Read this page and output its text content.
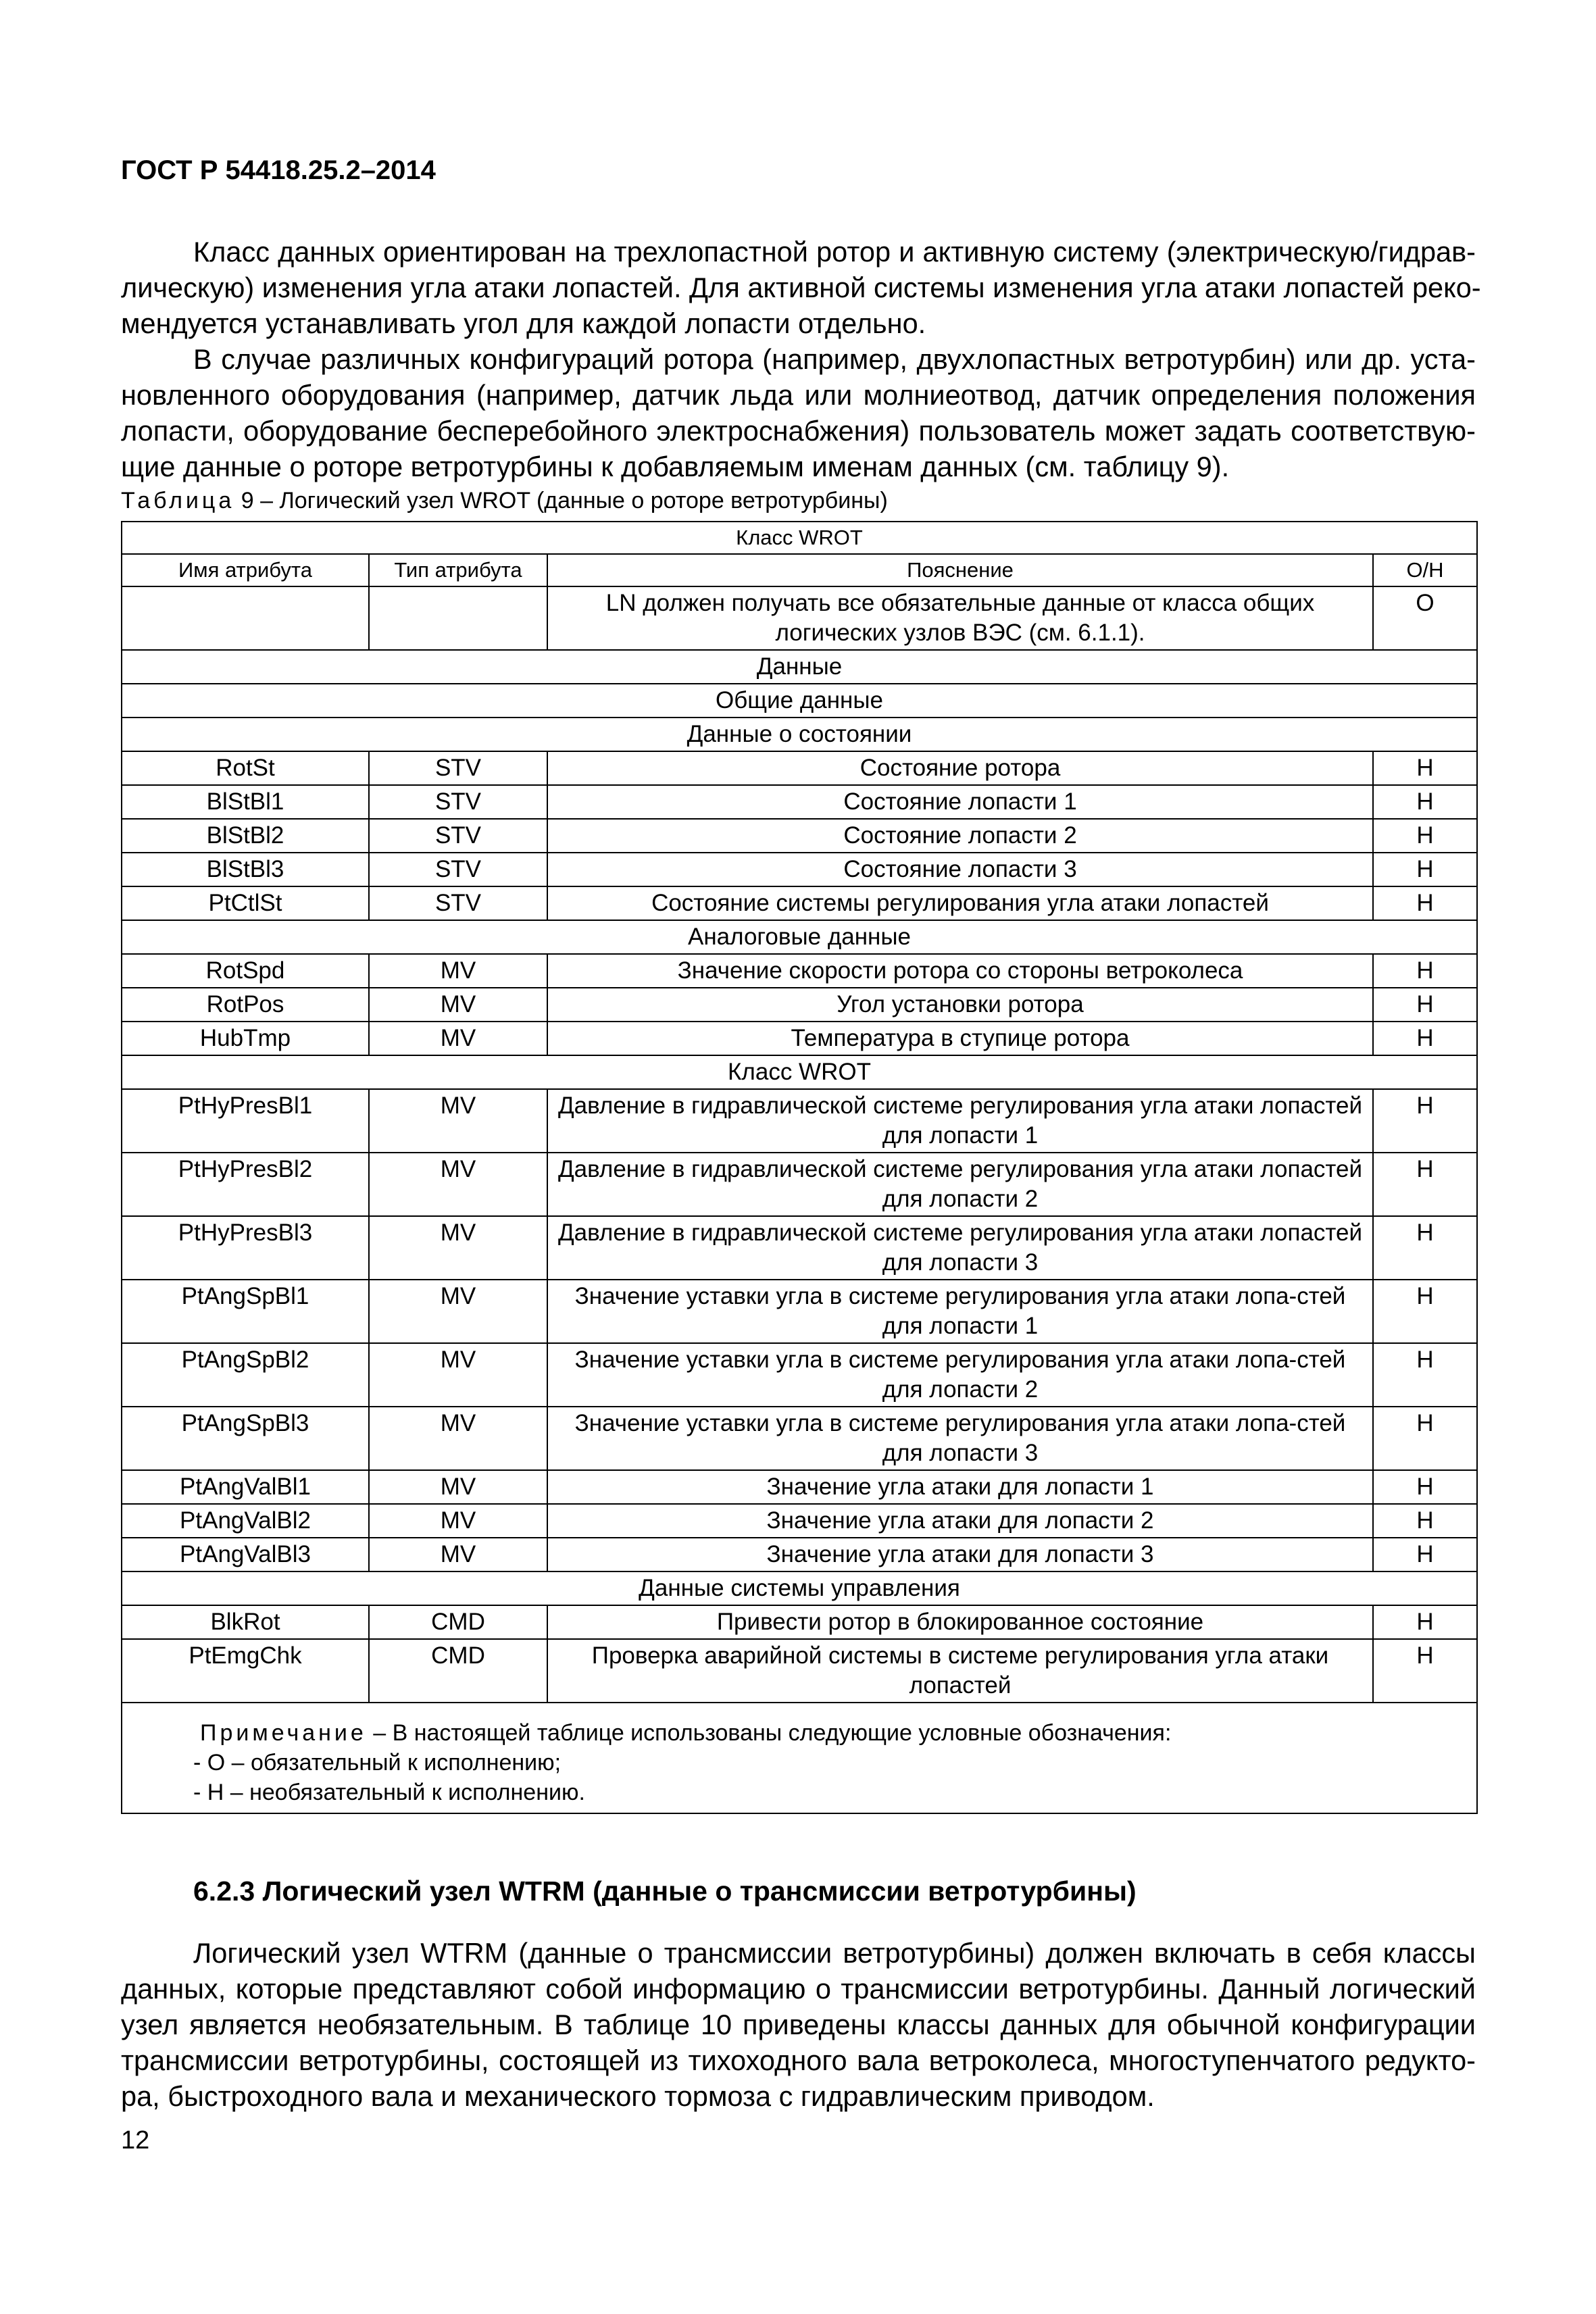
ГОСТ Р 54418.25.2–2014
Класс данных ориентирован на трехлопастной ротор и активную систему (электрическую/гидрав-
лическую) изменения угла атаки лопастей. Для активной системы изменения угла атаки лопастей реко-
мендуется устанавливать угол для каждой лопасти отдельно.
В случае различных конфигураций ротора (например, двухлопастных ветротурбин) или др. уста-
новленного оборудования (например, датчик льда или молниеотвод, датчик определения положения
лопасти, оборудование бесперебойного электроснабжения) пользователь может задать соответствую-
щие данные о роторе ветротурбины к добавляемым именам данных (см. таблицу 9).
Таблица 9 – Логический узел WROT (данные о роторе ветротурбины)
Класс WROT			
Имя атрибута	Тип атрибута	Пояснение	О/Н
		LN должен получать все обязательные данные от класса общих логических узлов ВЭС (см. 6.1.1).	О
Данные			
Общие данные			
Данные о состоянии			
RotSt	STV	Состояние ротора	Н
BlStBl1	STV	Состояние лопасти 1	Н
BlStBl2	STV	Состояние лопасти 2	Н
BlStBl3	STV	Состояние лопасти 3	Н
PtCtlSt	STV	Состояние системы регулирования угла атаки лопастей	Н
Аналоговые данные			
RotSpd	MV	Значение скорости ротора со стороны ветроколеса	Н
RotPos	MV	Угол установки ротора	Н
HubTmp	MV	Температура в ступице ротора	Н
Класс WROT			
PtHyPresBl1	MV	Давление в гидравлической системе регулирования угла атаки лопастей для лопасти 1	Н
PtHyPresBl2	MV	Давление в гидравлической системе регулирования угла атаки лопастей для лопасти 2	Н
PtHyPresBl3	MV	Давление в гидравлической системе регулирования угла атаки лопастей для лопасти 3	Н
PtAngSpBl1	MV	Значение уставки угла в системе регулирования угла атаки лопа-стей для лопасти 1	Н
PtAngSpBl2	MV	Значение уставки угла в системе регулирования угла атаки лопа-стей для лопасти 2	Н
PtAngSpBl3	MV	Значение уставки угла в системе регулирования угла атаки лопа-стей для лопасти 3	Н
PtAngValBl1	MV	Значение угла атаки для лопасти 1	Н
PtAngValBl2	MV	Значение угла атаки для лопасти 2	Н
PtAngValBl3	MV	Значение угла атаки для лопасти 3	Н
Данные системы управления			
BlkRot	CMD	Привести ротор в блокированное состояние	Н
PtEmgChk	CMD	Проверка аварийной системы в системе регулирования угла атаки лопастей	Н

Примечание – В настоящей таблице использованы следующие условные обозначения:
- О – обязательный к исполнению;
- Н – необязательный к исполнению.			
6.2.3 Логический узел WTRM (данные о трансмиссии ветротурбины)
Логический узел WTRM (данные о трансмиссии ветротурбины) должен включать в себя классы
данных, которые представляют собой информацию о трансмиссии ветротурбины. Данный логический
узел является необязательным. В таблице 10 приведены классы данных для обычной конфигурации
трансмиссии ветротурбины, состоящей из тихоходного вала ветроколеса, многоступенчатого редукто-
ра, быстроходного вала и механического тормоза с гидравлическим приводом.
12
